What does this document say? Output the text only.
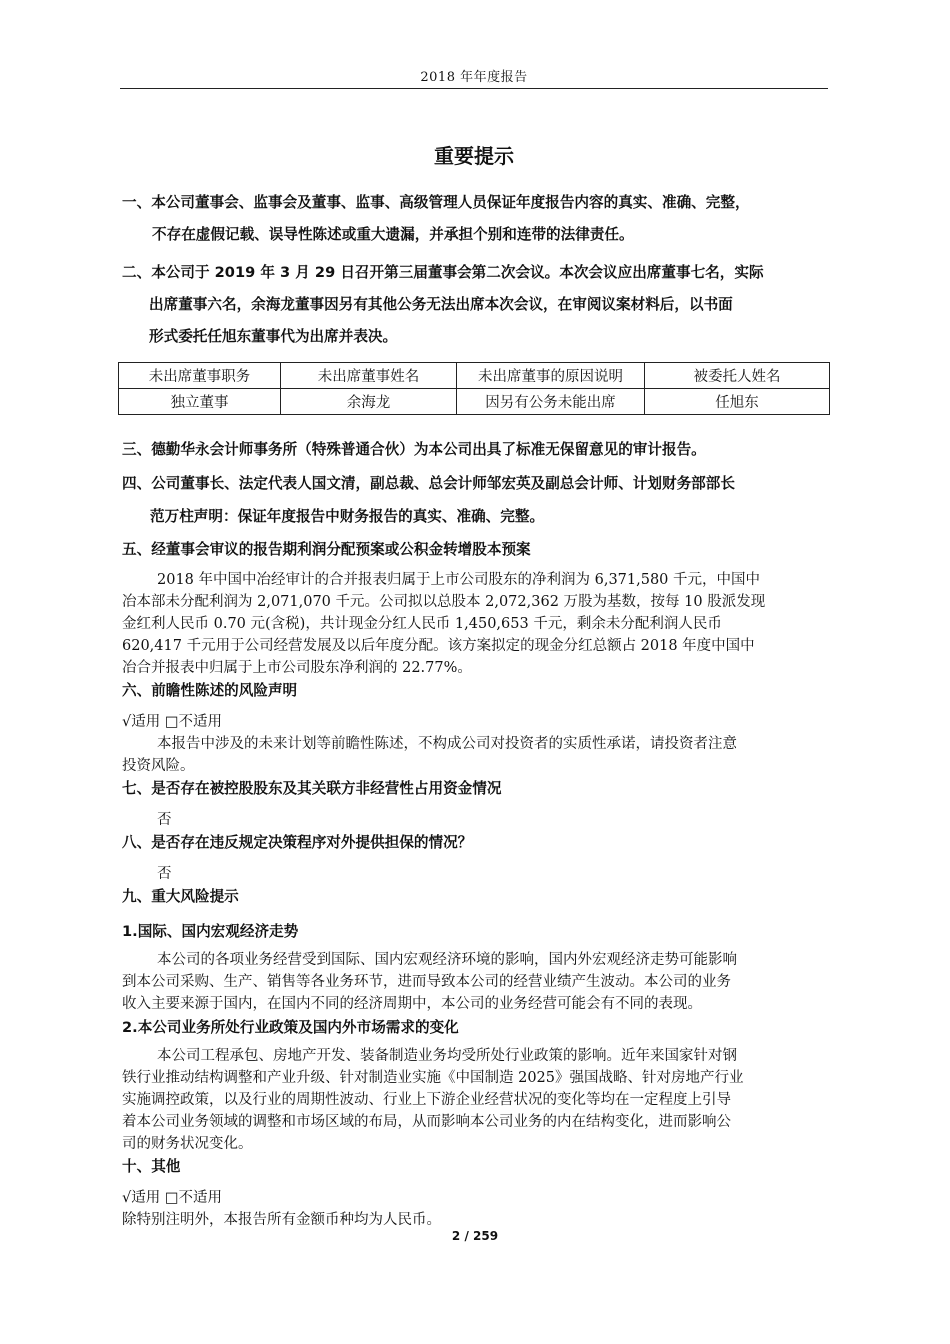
2018 年年度报告
重要提示
一、本公司董事会、监事会及董事、监事、高级管理人员保证年度报告内容的真实、准确、完整，
不存在虚假记载、误导性陈述或重大遗漏，并承担个别和连带的法律责任。
二、本公司于 2019 年 3 月 29 日召开第三届董事会第二次会议。本次会议应出席董事七名，实际
出席董事六名，余海龙董事因另有其他公务无法出席本次会议，在审阅议案材料后，以书面
形式委托任旭东董事代为出席并表决。
未出席董事职务	未出席董事姓名	未出席董事的原因说明	被委托人姓名
独立董事	余海龙	因另有公务未能出席	任旭东
三、德勤华永会计师事务所（特殊普通合伙）为本公司出具了标准无保留意见的审计报告。
四、公司董事长、法定代表人国文清，副总裁、总会计师邹宏英及副总会计师、计划财务部部长
范万柱声明：保证年度报告中财务报告的真实、准确、完整。
五、经董事会审议的报告期利润分配预案或公积金转增股本预案
2018 年中国中冶经审计的合并报表归属于上市公司股东的净利润为 6,371,580 千元，中国中
冶本部未分配利润为 2,071,070 千元。公司拟以总股本 2,072,362 万股为基数，按每 10 股派发现
金红利人民币 0.70 元(含税)，共计现金分红人民币 1,450,653 千元，剩余未分配利润人民币
620,417 千元用于公司经营发展及以后年度分配。该方案拟定的现金分红总额占 2018 年度中国中
冶合并报表中归属于上市公司股东净利润的 22.77%。
六、前瞻性陈述的风险声明
√适用 □不适用
本报告中涉及的未来计划等前瞻性陈述，不构成公司对投资者的实质性承诺，请投资者注意
投资风险。
七、是否存在被控股股东及其关联方非经营性占用资金情况
否
八、是否存在违反规定决策程序对外提供担保的情况？
否
九、重大风险提示
1.国际、国内宏观经济走势
本公司的各项业务经营受到国际、国内宏观经济环境的影响，国内外宏观经济走势可能影响
到本公司采购、生产、销售等各业务环节，进而导致本公司的经营业绩产生波动。本公司的业务
收入主要来源于国内，在国内不同的经济周期中，本公司的业务经营可能会有不同的表现。
2.本公司业务所处行业政策及国内外市场需求的变化
本公司工程承包、房地产开发、装备制造业务均受所处行业政策的影响。近年来国家针对钢
铁行业推动结构调整和产业升级、针对制造业实施《中国制造 2025》强国战略、针对房地产行业
实施调控政策，以及行业的周期性波动、行业上下游企业经营状况的变化等均在一定程度上引导
着本公司业务领域的调整和市场区域的布局，从而影响本公司业务的内在结构变化，进而影响公
司的财务状况变化。
十、其他
√适用 □不适用
除特别注明外，本报告所有金额币种均为人民币。
2 / 259
